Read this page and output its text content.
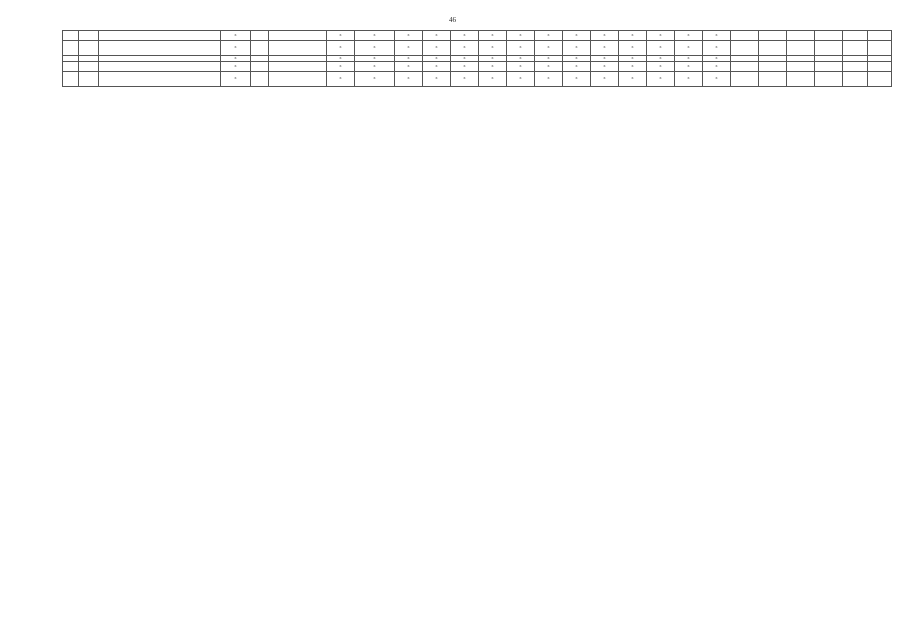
46
			X			X	X	X	X	X	X	X	X	X	X	X	X	X	X						
			X			X	X	X	X	X	X	X	X	X	X	X	X	X	X						
			X			X	X	X	X	X	X	X	X	X	X	X	X	X	X						
			X			X	X	X	X	X	X	X	X	X	X	X	X	X	X						
			X			X	X	X	X	X	X	X	X	X	X	X	X	X	X						
